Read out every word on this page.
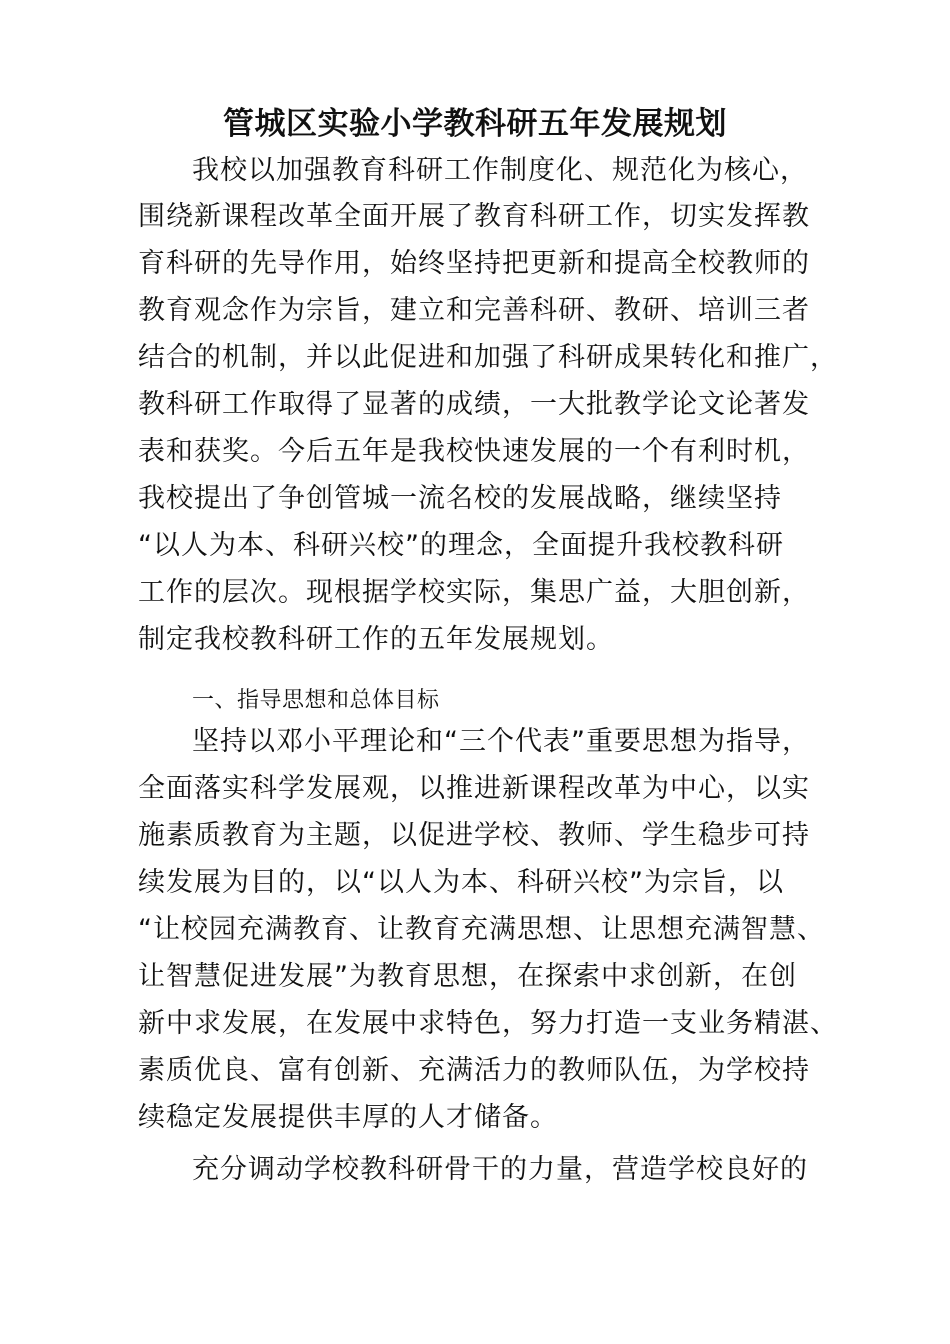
管城区实验小学教科研五年发展规划
我校以加强教育科研工作制度化、规范化为核心，
围绕新课程改革全面开展了教育科研工作，切实发挥教
育科研的先导作用，始终坚持把更新和提高全校教师的
教育观念作为宗旨，建立和完善科研、教研、培训三者
结合的机制，并以此促进和加强了科研成果转化和推广，
教科研工作取得了显著的成绩，一大批教学论文论著发
表和获奖。今后五年是我校快速发展的一个有利时机，
我校提出了争创管城一流名校的发展战略，继续坚持
“以人为本、科研兴校”的理念，全面提升我校教科研
工作的层次。现根据学校实际，集思广益，大胆创新，
制定我校教科研工作的五年发展规划。
一、指导思想和总体目标
坚持以邓小平理论和“三个代表”重要思想为指导，
全面落实科学发展观，以推进新课程改革为中心，以实
施素质教育为主题，以促进学校、教师、学生稳步可持
续发展为目的，以“以人为本、科研兴校”为宗旨，以
“让校园充满教育、让教育充满思想、让思想充满智慧、
让智慧促进发展”为教育思想，在探索中求创新，在创
新中求发展，在发展中求特色，努力打造一支业务精湛、
素质优良、富有创新、充满活力的教师队伍，为学校持
续稳定发展提供丰厚的人才储备。
充分调动学校教科研骨干的力量，营造学校良好的
